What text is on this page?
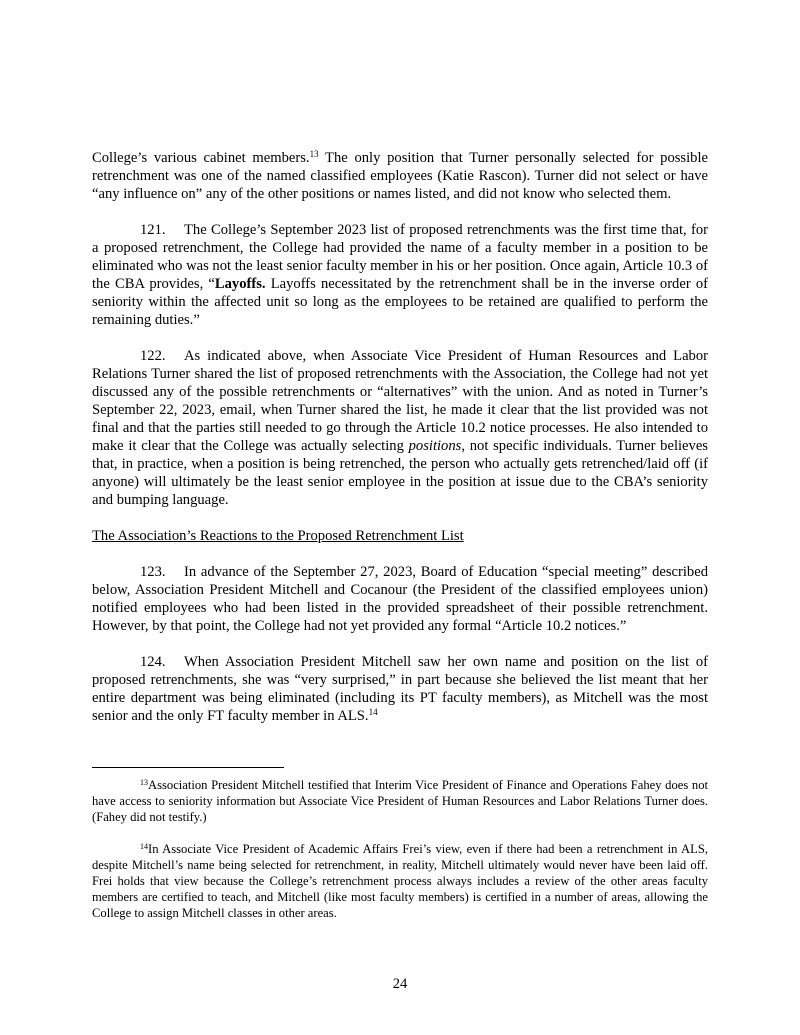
College’s various cabinet members.$^{13}$ The only position that Turner personally selected for possible retrenchment was one of the named classified employees (Katie Rascon). Turner did not select or have “any influence on” any of the other positions or names listed, and did not know who selected them.

121. The College’s September 2023 list of proposed retrenchments was the first time that, for a proposed retrenchment, the College had provided the name of a faculty member in a position to be eliminated who was not the least senior faculty member in his or her position. Once again, Article 10.3 of the CBA provides, “Layoffs. Layoffs necessitated by the retrenchment shall be in the inverse order of seniority within the affected unit so long as the employees to be retained are qualified to perform the remaining duties.”

122. As indicated above, when Associate Vice President of Human Resources and Labor Relations Turner shared the list of proposed retrenchments with the Association, the College had not yet discussed any of the possible retrenchments or “alternatives” with the union. And as noted in Turner’s September 22, 2023, email, when Turner shared the list, he made it clear that the list provided was not final and that the parties still needed to go through the Article 10.2 notice processes. He also intended to make it clear that the College was actually selecting positions, not specific individuals. Turner believes that, in practice, when a position is being retrenched, the person who actually gets retrenched/laid off (if anyone) will ultimately be the least senior employee in the position at issue due to the CBA’s seniority and bumping language.

The Association’s Reactions to the Proposed Retrenchment List

123. In advance of the September 27, 2023, Board of Education “special meeting” described below, Association President Mitchell and Cocanour (the President of the classified employees union) notified employees who had been listed in the provided spreadsheet of their possible retrenchment. However, by that point, the College had not yet provided any formal “Article 10.2 notices.”

124. When Association President Mitchell saw her own name and position on the list of proposed retrenchments, she was “very surprised,” in part because she believed the list meant that her entire department was being eliminated (including its PT faculty members), as Mitchell was the most senior and the only FT faculty member in ALS.$^{14}$

$^{13}$Association President Mitchell testified that Interim Vice President of Finance and Operations Fahey does not have access to seniority information but Associate Vice President of Human Resources and Labor Relations Turner does. (Fahey did not testify.)

$^{14}$In Associate Vice President of Academic Affairs Frei’s view, even if there had been a retrenchment in ALS, despite Mitchell’s name being selected for retrenchment, in reality, Mitchell ultimately would never have been laid off. Frei holds that view because the College’s retrenchment process always includes a review of the other areas faculty members are certified to teach, and Mitchell (like most faculty members) is certified in a number of areas, allowing the College to assign Mitchell classes in other areas.

24
